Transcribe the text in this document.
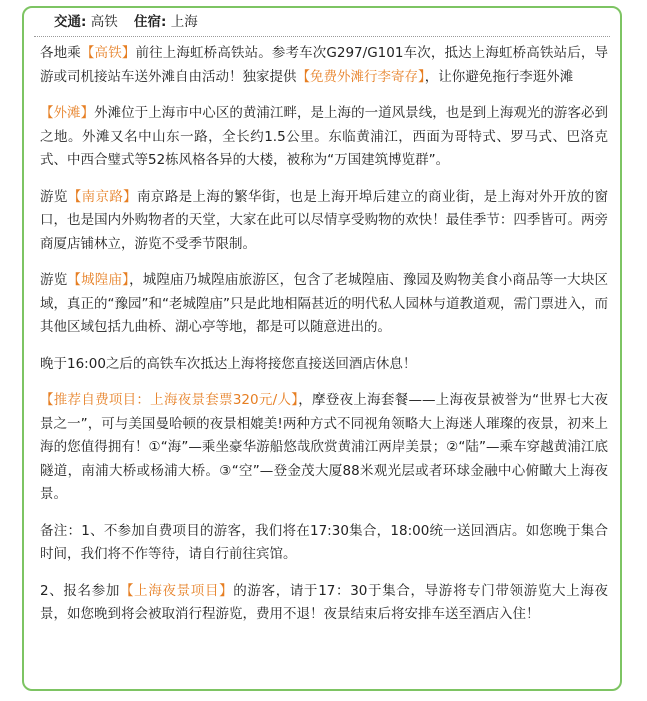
交通: 高铁 住宿: 上海

各地乘【高铁】前往上海虹桥高铁站。参考车次G297/G101车次，抵达上海虹桥高铁站后，导游或司机接站车送外滩自由活动！独家提供【免费外滩行李寄存】，让你避免拖行李逛外滩

【外滩】外滩位于上海市中心区的黄浦江畔，是上海的一道风景线，也是到上海观光的游客必到之地。外滩又名中山东一路，全长约1.5公里。东临黄浦江，西面为哥特式、罗马式、巴洛克式、中西合璧式等52栋风格各异的大楼，被称为“万国建筑博览群”。

游览【南京路】南京路是上海的繁华街，也是上海开埠后建立的商业街，是上海对外开放的窗口，也是国内外购物者的天堂，大家在此可以尽情享受购物的欢快！最佳季节：四季皆可。两旁商厦店铺林立，游览不受季节限制。

游览【城隍庙】，城隍庙乃城隍庙旅游区，包含了老城隍庙、豫园及购物美食小商品等一大块区域，真正的“豫园”和“老城隍庙”只是此地相隔甚近的明代私人园林与道教道观，需门票进入，而其他区域包括九曲桥、湖心亭等地，都是可以随意进出的。

晚于16:00之后的高铁车次抵达上海将接您直接送回酒店休息！

【推荐自费项目：上海夜景套票320元/人】，摩登夜上海套餐——上海夜景被誉为“世界七大夜景之一”，可与美国曼哈顿的夜景相媲美!两种方式不同视角领略大上海迷人璀璨的夜景，初来上海的您值得拥有！①“海”—乘坐豪华游船悠哉欣赏黄浦江两岸美景；②“陆”—乘车穿越黄浦江底隧道，南浦大桥或杨浦大桥。③“空”—登金茂大厦88米观光层或者环球金融中心俯瞰大上海夜景。

备注：1、不参加自费项目的游客，我们将在17:30集合，18:00统一送回酒店。如您晚于集合时间，我们将不作等待，请自行前往宾馆。

2、报名参加【上海夜景项目】的游客，请于17：30于集合，导游将专门带领游览大上海夜景，如您晚到将会被取消行程游览，费用不退！夜景结束后将安排车送至酒店入住！
